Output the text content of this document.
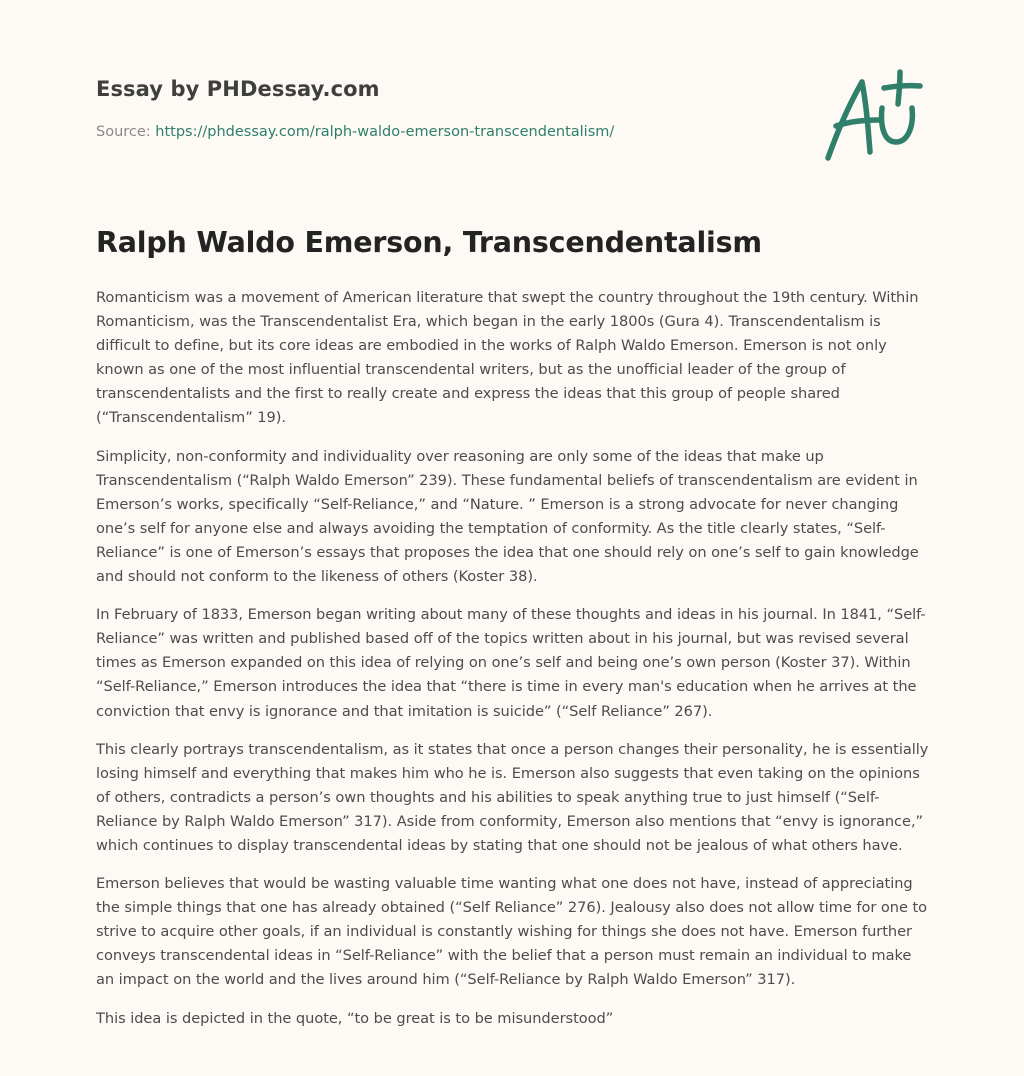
Essay by PHDessay.com
Source: https://phdessay.com/ralph-waldo-emerson-transcendentalism/
Ralph Waldo Emerson, Transcendentalism

Romanticism was a movement of American literature that swept the country throughout the 19th century. Within Romanticism, was the Transcendentalist Era, which began in the early 1800s (Gura 4). Transcendentalism is difficult to define, but its core ideas are embodied in the works of Ralph Waldo Emerson. Emerson is not only known as one of the most influential transcendental writers, but as the unofficial leader of the group of transcendentalists and the first to really create and express the ideas that this group of people shared (“Transcendentalism” 19).

Simplicity, non-conformity and individuality over reasoning are only some of the ideas that make up Transcendentalism (“Ralph Waldo Emerson” 239). These fundamental beliefs of transcendentalism are evident in Emerson’s works, specifically “Self-Reliance,” and “Nature. ” Emerson is a strong advocate for never changing one’s self for anyone else and always avoiding the temptation of conformity. As the title clearly states, “Self-Reliance” is one of Emerson’s essays that proposes the idea that one should rely on one’s self to gain knowledge and should not conform to the likeness of others (Koster 38).

In February of 1833, Emerson began writing about many of these thoughts and ideas in his journal. In 1841, “Self-Reliance” was written and published based off of the topics written about in his journal, but was revised several times as Emerson expanded on this idea of relying on one’s self and being one’s own person (Koster 37). Within “Self-Reliance,” Emerson introduces the idea that “there is time in every man's education when he arrives at the conviction that envy is ignorance and that imitation is suicide” (“Self Reliance” 267).

This clearly portrays transcendentalism, as it states that once a person changes their personality, he is essentially losing himself and everything that makes him who he is. Emerson also suggests that even taking on the opinions of others, contradicts a person’s own thoughts and his abilities to speak anything true to just himself (“Self-Reliance by Ralph Waldo Emerson” 317). Aside from conformity, Emerson also mentions that “envy is ignorance,” which continues to display transcendental ideas by stating that one should not be jealous of what others have.

Emerson believes that would be wasting valuable time wanting what one does not have, instead of appreciating the simple things that one has already obtained (“Self Reliance” 276). Jealousy also does not allow time for one to strive to acquire other goals, if an individual is constantly wishing for things she does not have. Emerson further conveys transcendental ideas in “Self-Reliance” with the belief that a person must remain an individual to make an impact on the world and the lives around him (“Self-Reliance by Ralph Waldo Emerson” 317).

This idea is depicted in the quote, “to be great is to be misunderstood”
